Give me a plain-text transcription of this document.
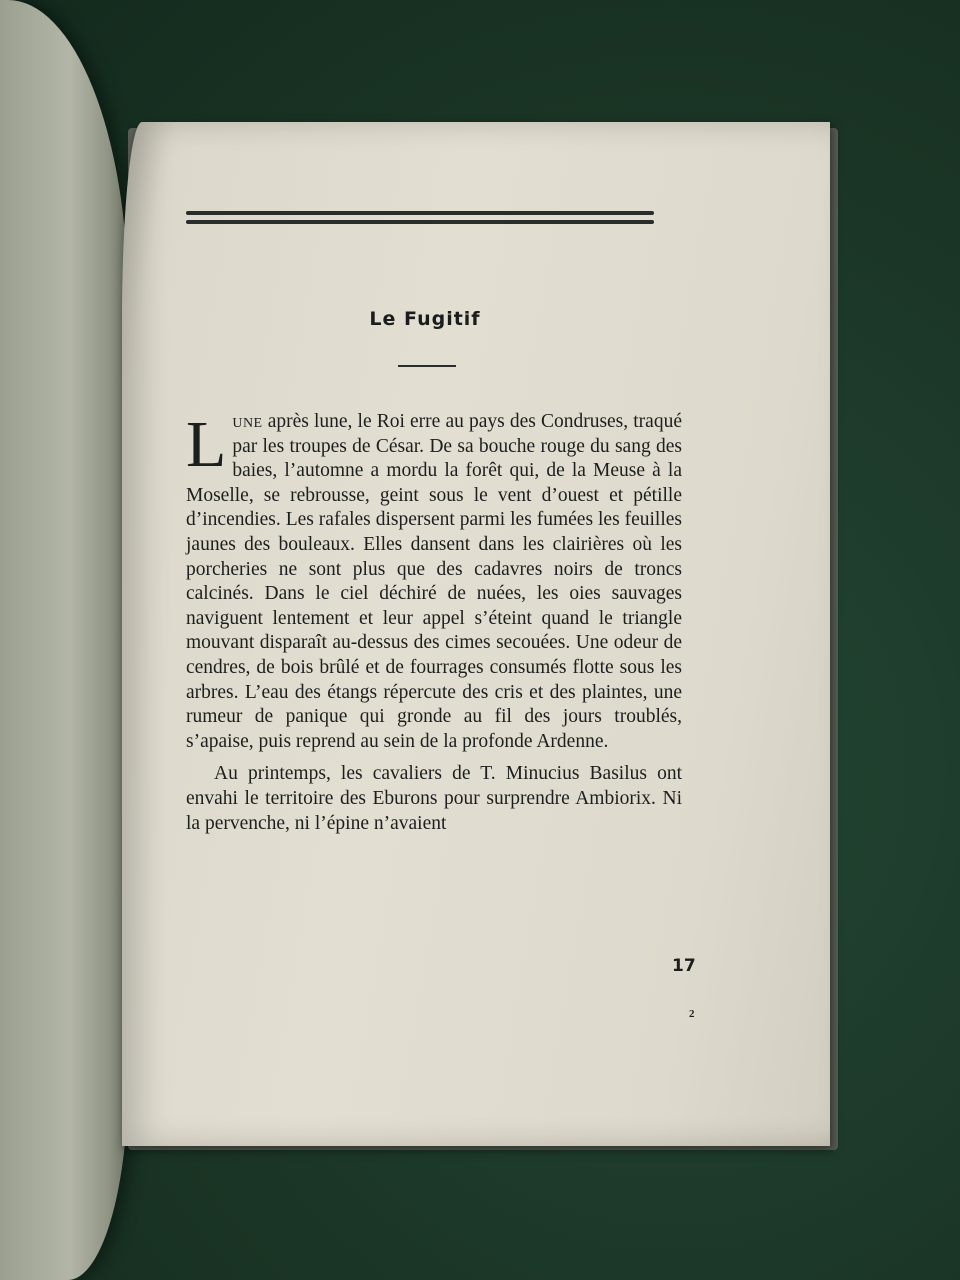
Le Fugitif

Lune après lune, le Roi erre au pays des Condruses, traqué par les troupes de César. De sa bouche rouge du sang des baies, l’automne a mordu la forêt qui, de la Meuse à la Moselle, se rebrousse, geint sous le vent d’ouest et pétille d’incendies. Les rafales dispersent parmi les fumées les feuilles jaunes des bouleaux. Elles dansent dans les clairières où les porcheries ne sont plus que des cadavres noirs de troncs calcinés. Dans le ciel déchiré de nuées, les oies sauvages naviguent lentement et leur appel s’éteint quand le triangle mouvant disparaît au-dessus des cimes secouées. Une odeur de cendres, de bois brûlé et de fourrages consumés flotte sous les arbres. L’eau des étangs répercute des cris et des plaintes, une rumeur de panique qui gronde au fil des jours troublés, s’apaise, puis reprend au sein de la profonde Ardenne.

Au printemps, les cavaliers de T. Minucius Basilus ont envahi le territoire des Eburons pour surprendre Ambiorix. Ni la pervenche, ni l’épine n’avaient

17
2
